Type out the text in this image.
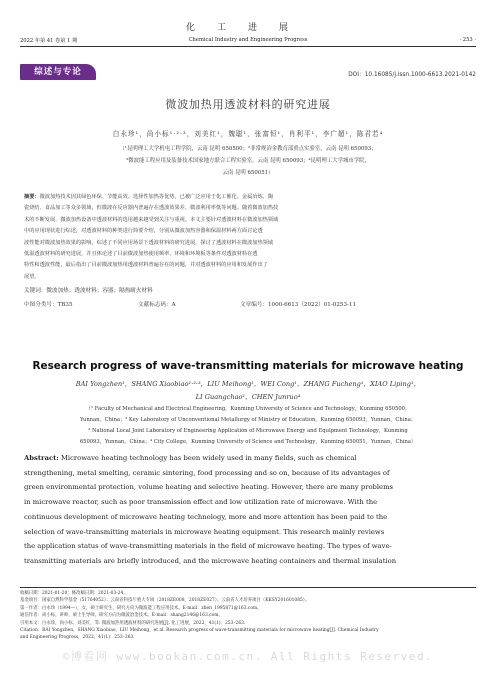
化工进展
2022 年第 41 卷第 1 期	Chemical Industry and Engineering Progress	· 253 ·
综述与专论	DOI：10.16085/j.issn.1000-6613.2021-0142
微波加热用透波材料的研究进展
白永珍¹，尚小标¹·²·³，刘美红¹，魏聪¹，张富恒¹，肖利平¹，李广超¹，陈君若⁴
（¹昆明理工大学机电工程学院，云南 昆明 650500；²非常规冶金教育部重点实验室，云南 昆明 650093；
³微波能工程应用及装备技术国家地方联合工程实验室，云南 昆明 650093；⁴昆明理工大学城市学院，
云南 昆明 650051）
摘要：微波加热技术因其绿色环保、节能高效、选择性加热等优势，已被广泛应用于化工催化、金属冶炼、陶
瓷烧结、食品加工等众多领域，但微波在反应器内普遍存在透波效果差、微波利用率低等问题。随着微波加热技
术的不断发展，微波加热设备中透波材料的选用越来越受到关注与重视。本文主要针对透波材料在微波加热领域
中的应用现状进行综述，对透波材料的种类进行简要介绍，分别从微波加热容器和保温材料两方面讨论透
波性能对微波加热效果的影响，综述了不同应用场景下透波材料的研究进展。探讨了透波材料在微波加热领域
低温透波材料的研究进展，并且体论述了目前微波加热使用频率、环境和环境板等条件对透波材料在透
特性和透波性能，最后指出了目前微波加热用透波材料普遍存在的问题，并对透波材料的应用和发展作出了
展望。
关键词：微波加热；透波材料；容器；隔热耐火材料
中图分类号：TB35	文献标志码：A	文章编号：1000-6613（2022）01-0253-11
Research progress of wave-transmitting materials for microwave heating
BAI Yongzhen¹，SHANG Xiaobiao¹·²·³，LIU Meihong¹，WEI Cong¹，ZHANG Fucheng¹，XIAO Liping¹，
LI Guangchao¹，CHEN Junruo⁴
（¹ Faculty of Mechanical and Electrical Engineering，Kunming University of Science and Technology，Kunming 650500，
Yunnan，China；² Key Laboratory of Unconventional Metallurgy of Ministry of Education，Kunming 650093，Yunnan，China；
³ National Local Joint Laboratory of Engineering Application of Microwave Energy and Equipment Technology，Kunming
650093，Yunnan，China；⁴ City College，Kunming University of Science and Technology，Kunming 650051，Yunnan，China）
Abstract: Microwave heating technology has been widely used in many fields, such as chemical
strengthening, metal smelting, ceramic sintering, food processing and so on, because of its advantages of
green environmental protection, volume heating and selective heating. However, there are many problems
in microwave reactor, such as poor transmission effect and low utilization rate of microwave. With the
continuous development of microwave heating technology, more and more attention has been paid to the
selection of wave-transmitting materials in microwave heating equipment. This research mainly reviews
the application status of wave-transmitting materials in the field of microwave heating. The types of wave-
transmitting materials are briefly introduced, and the microwave heating containers and thermal insulation
收稿日期：2021-01-20；修改稿日期：2021-03-24。
基金项目：国家自然科学基金（51764052）；云南省科技厅重大专项（2018ZE008，2018ZE027）；云南省人才培养项目（KKSY201601085）。
第一作者：白永珍（1994—），女，硕士研究生，研究方向为微波能工程应用技术。E-mail：zhen_1995871@163.com。
通信作者：尚小标，讲师，硕士生导师，研究方向为微波冶金技术。E-mail：shang2146@163.com。
引用本文：白永珍，尚小标，刘美红，等. 微波加热用透波材料的研究进展[J]. 化工进展，2022，41(1)：253–263.
Citation：BAI Yongzhen，SHANG Xiaobiao，LIU Meihong，et al. Research progress of wave-transmitting materials for microwave heating[J]. Chemical Industry
and Engineering Progress，2022，41(1)：253–263.
©博看网 www.bookan.com.cn. All Rights Reserved.
